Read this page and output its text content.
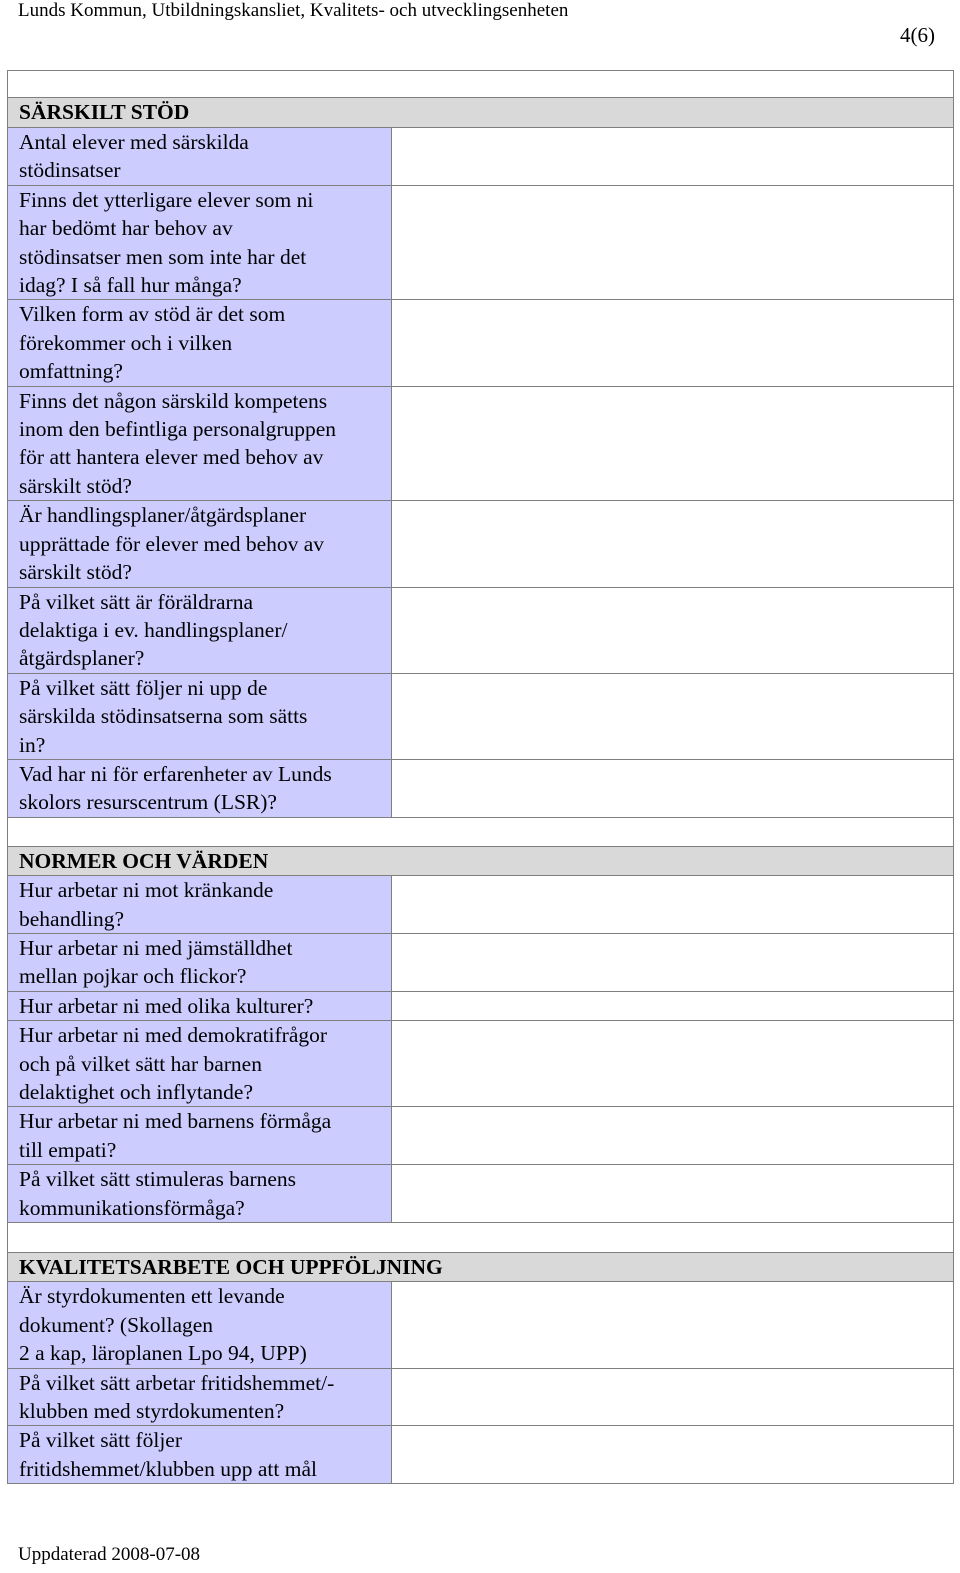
Lunds Kommun, Utbildningskansliet, Kvalitets- och utvecklingsenheten
4(6)

SÄRSKILT STÖD	

Antal elever med särskilda
stödinsatser	

Finns det ytterligare elever som ni
har bedömt har behov av
stödinsatser men som inte har det
idag? I så fall hur många?	

Vilken form av stöd är det som
förekommer och i vilken
omfattning?	

Finns det någon särskild kompetens
inom den befintliga personalgruppen
för att hantera elever med behov av
särskilt stöd?	

Är handlingsplaner/åtgärdsplaner
upprättade för elever med behov av
särskilt stöd?	

På vilket sätt är föräldrarna
delaktiga i ev. handlingsplaner/
åtgärdsplaner?	

På vilket sätt följer ni upp de
särskilda stödinsatserna som sätts
in?	

Vad har ni för erfarenheter av Lunds
skolors resurscentrum (LSR)?	

NORMER OCH VÄRDEN	

Hur arbetar ni mot kränkande
behandling?	

Hur arbetar ni med jämställdhet
mellan pojkar och flickor?	

Hur arbetar ni med olika kulturer?	

Hur arbetar ni med demokratifrågor
och på vilket sätt har barnen
delaktighet och inflytande?	

Hur arbetar ni med barnens förmåga
till empati?	

På vilket sätt stimuleras barnens
kommunikationsförmåga?	

KVALITETSARBETE OCH UPPFÖLJNING	

Är styrdokumenten ett levande
dokument? (Skollagen
2 a kap, läroplanen Lpo 94, UPP)	

På vilket sätt arbetar fritidshemmet/-
klubben med styrdokumenten?	

På vilket sätt följer
fritidshemmet/klubben upp att mål	

Uppdaterad 2008-07-08
